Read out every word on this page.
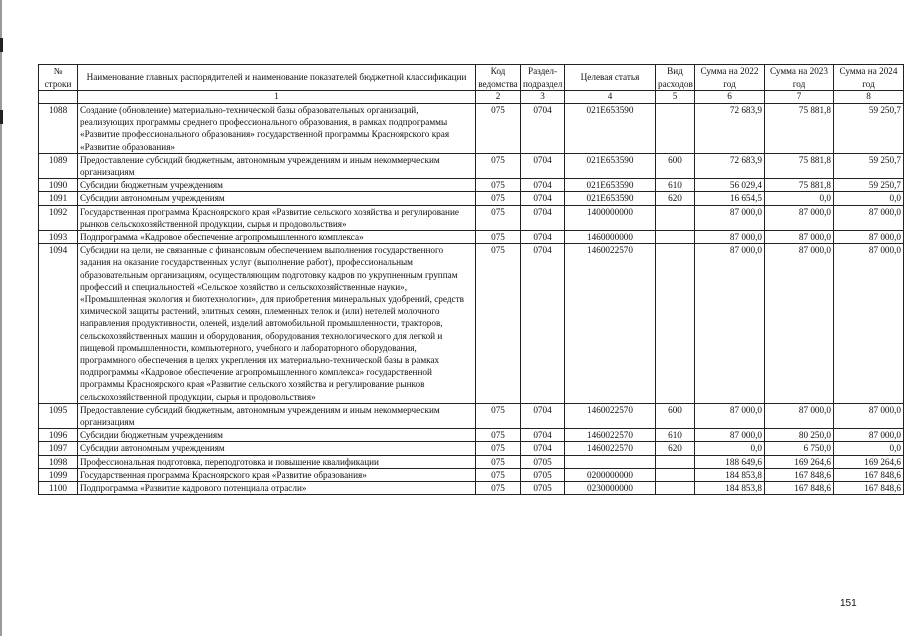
№
строки	Наименование главных распорядителей и наименование показателей бюджетной классификации	Код ведомства	Раздел-подраздел	Целевая статья	Вид расходов	Сумма на 2022 год	Сумма на 2023 год	Сумма на 2024 год
	1	2	3	4	5	6	7	8
1088	Создание (обновление) материально-технической базы образовательных организаций, реализующих программы среднего профессионального образования, в рамках подпрограммы «Развитие профессионального образования» государственной программы Красноярского края «Развитие образования»	075	0704	021Е653590		72 683,9	75 881,8	59 250,7
1089	Предоставление субсидий бюджетным, автономным учреждениям и иным некоммерческим организациям	075	0704	021Е653590	600	72 683,9	75 881,8	59 250,7
1090	Субсидии бюджетным учреждениям	075	0704	021Е653590	610	56 029,4	75 881,8	59 250,7
1091	Субсидии автономным учреждениям	075	0704	021Е653590	620	16 654,5	0,0	0,0
1092	Государственная программа Красноярского края «Развитие сельского хозяйства и регулирование рынков сельскохозяйственной продукции, сырья и продовольствия»	075	0704	1400000000		87 000,0	87 000,0	87 000,0
1093	Подпрограмма «Кадровое обеспечение агропромышленного комплекса»	075	0704	1460000000		87 000,0	87 000,0	87 000,0
1094	Субсидии на цели, не связанные с финансовым обеспечением выполнения государственного задания на оказание государственных услуг (выполнение работ), профессиональным образовательным организациям, осуществляющим подготовку кадров по укрупненным группам профессий и специальностей «Сельское хозяйство и сельскохозяйственные науки», «Промышленная экология и биотехнологии», для приобретения минеральных удобрений, средств химической защиты растений, элитных семян, племенных телок и (или) нетелей молочного направления продуктивности, оленей, изделий автомобильной промышленности, тракторов, сельскохозяйственных машин и оборудования, оборудования технологического для легкой и пищевой промышленности, компьютерного, учебного и лабораторного оборудования, программного обеспечения в целях укрепления их материально-технической базы в рамках подпрограммы «Кадровое обеспечение агропромышленного комплекса» государственной программы Красноярского края «Развитие сельского хозяйства и регулирование рынков сельскохозяйственной продукции, сырья и продовольствия»	075	0704	1460022570		87 000,0	87 000,0	87 000,0
1095	Предоставление субсидий бюджетным, автономным учреждениям и иным некоммерческим организациям	075	0704	1460022570	600	87 000,0	87 000,0	87 000,0
1096	Субсидии бюджетным учреждениям	075	0704	1460022570	610	87 000,0	80 250,0	87 000,0
1097	Субсидии автономным учреждениям	075	0704	1460022570	620	0,0	6 750,0	0,0
1098	Профессиональная подготовка, переподготовка и повышение квалификации	075	0705			188 649,6	169 264,6	169 264,6
1099	Государственная программа Красноярского края «Развитие образования»	075	0705	0200000000		184 853,8	167 848,6	167 848,6
1100	Подпрограмма «Развитие кадрового потенциала отрасли»	075	0705	0230000000		184 853,8	167 848,6	167 848,6
151
